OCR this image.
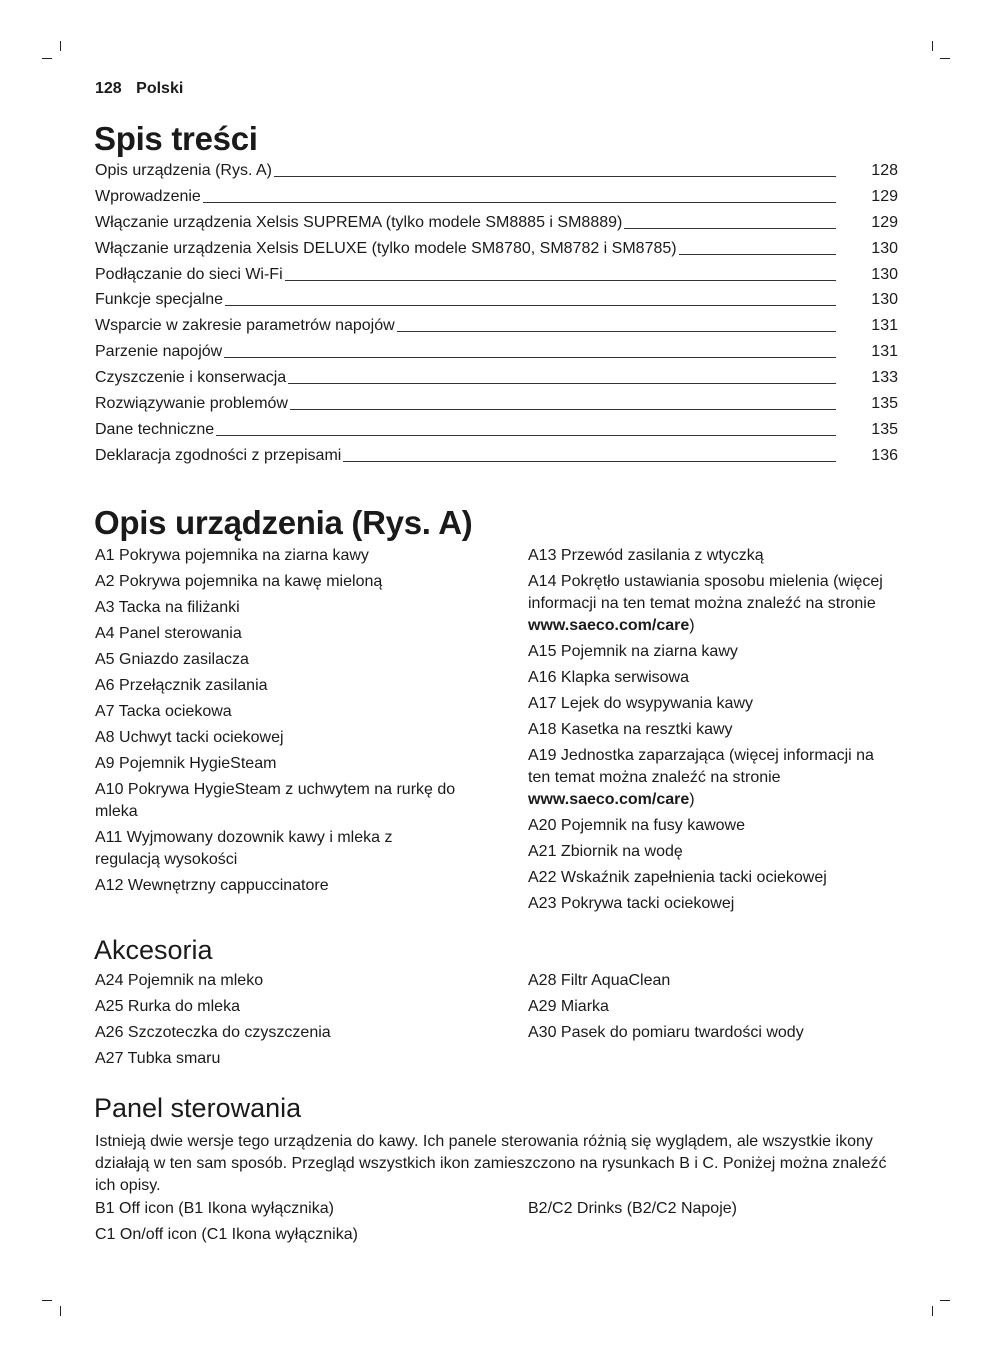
128 Polski
Spis treści
Opis urządzenia (Rys. A)	128
Wprowadzenie	129
Włączanie urządzenia Xelsis SUPREMA (tylko modele SM8885 i SM8889)	129
Włączanie urządzenia Xelsis DELUXE (tylko modele SM8780, SM8782 i SM8785)	130
Podłączanie do sieci Wi-Fi	130
Funkcje specjalne	130
Wsparcie w zakresie parametrów napojów	131
Parzenie napojów	131
Czyszczenie i konserwacja	133
Rozwiązywanie problemów	135
Dane techniczne	135
Deklaracja zgodności z przepisami	136
Opis urządzenia (Rys. A)
A1 Pokrywa pojemnika na ziarna kawy
A2 Pokrywa pojemnika na kawę mieloną
A3 Tacka na filiżanki
A4 Panel sterowania
A5 Gniazdo zasilacza
A6 Przełącznik zasilania
A7 Tacka ociekowa
A8 Uchwyt tacki ociekowej
A9 Pojemnik HygieSteam
A10 Pokrywa HygieSteam z uchwytem na rurkę do mleka
A11 Wyjmowany dozownik kawy i mleka z regulacją wysokości
A12 Wewnętrzny cappuccinatore
A13 Przewód zasilania z wtyczką
A14 Pokrętło ustawiania sposobu mielenia (więcej informacji na ten temat można znaleźć na stronie www.saeco.com/care)
A15 Pojemnik na ziarna kawy
A16 Klapka serwisowa
A17 Lejek do wsypywania kawy
A18 Kasetka na resztki kawy
A19 Jednostka zaparzająca (więcej informacji na ten temat można znaleźć na stronie www.saeco.com/care)
A20 Pojemnik na fusy kawowe
A21 Zbiornik na wodę
A22 Wskaźnik zapełnienia tacki ociekowej
A23 Pokrywa tacki ociekowej
Akcesoria
A24 Pojemnik na mleko
A25 Rurka do mleka
A26 Szczoteczka do czyszczenia
A27 Tubka smaru
A28 Filtr AquaClean
A29 Miarka
A30 Pasek do pomiaru twardości wody
Panel sterowania

Istnieją dwie wersje tego urządzenia do kawy. Ich panele sterowania różnią się wyglądem, ale wszystkie ikony działają w ten sam sposób. Przegląd wszystkich ikon zamieszczono na rysunkach B i C. Poniżej można znaleźć ich opisy.

B1 Off icon (B1 Ikona wyłącznika)
C1 On/off icon (C1 Ikona wyłącznika)
B2/C2 Drinks (B2/C2 Napoje)
